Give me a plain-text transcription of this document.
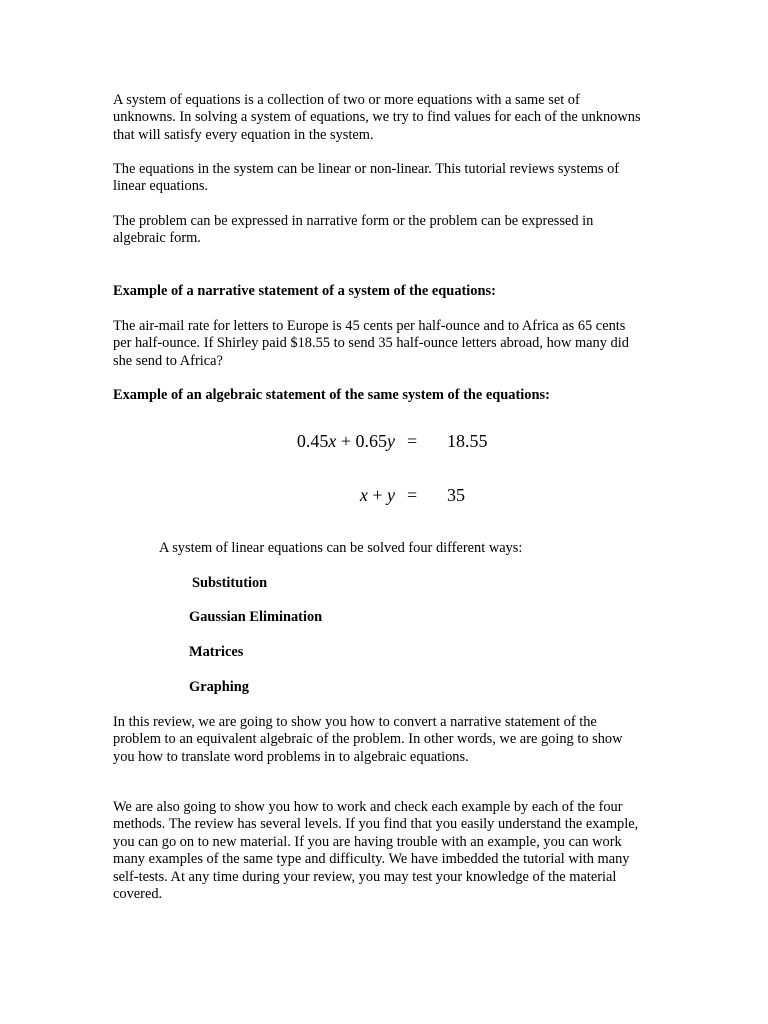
A system of equations is a collection of two or more equations with a same set of unknowns. In solving a system of equations, we try to find values for each of the unknowns that will satisfy every equation in the system.

The equations in the system can be linear or non-linear. This tutorial reviews systems of linear equations.

The problem can be expressed in narrative form or the problem can be expressed in algebraic form.

Example of a narrative statement of a system of the equations:

The air-mail rate for letters to Europe is 45 cents per half-ounce and to Africa as 65 cents per half-ounce. If Shirley paid $18.55 to send 35 half-ounce letters abroad, how many did she send to Africa?

Example of an algebraic statement of the same system of the equations:

0.45x + 0.65y = 18.55
x + y = 35

A system of linear equations can be solved four different ways:

Substitution
Gaussian Elimination
Matrices
Graphing

In this review, we are going to show you how to convert a narrative statement of the problem to an equivalent algebraic of the problem. In other words, we are going to show you how to translate word problems in to algebraic equations.

We are also going to show you how to work and check each example by each of the four methods. The review has several levels. If you find that you easily understand the example, you can go on to new material. If you are having trouble with an example, you can work many examples of the same type and difficulty. We have imbedded the tutorial with many self-tests. At any time during your review, you may test your knowledge of the material covered.
